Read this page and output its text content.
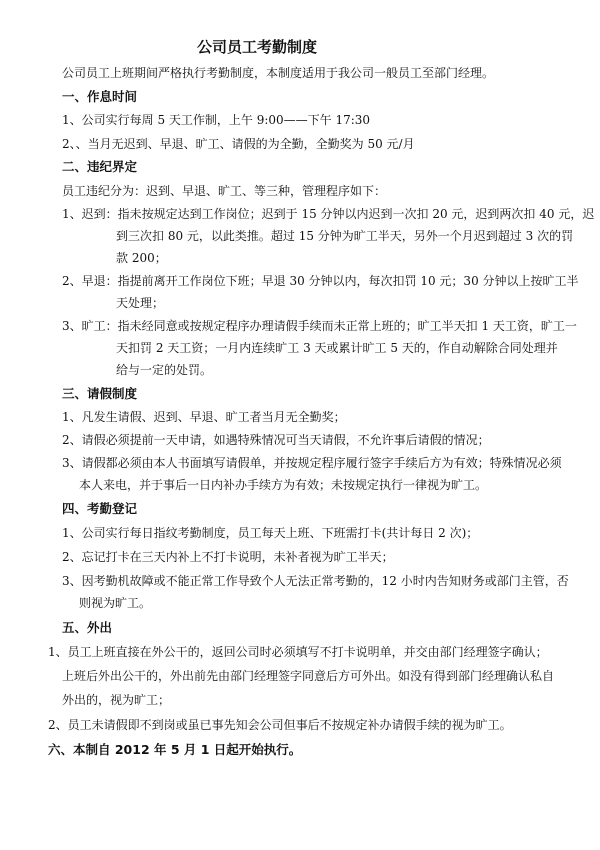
公司员工考勤制度
公司员工上班期间严格执行考勤制度，本制度适用于我公司一般员工至部门经理。
一、作息时间
1、公司实行每周 5 天工作制，上午 9:00——下午 17:30
2、、当月无迟到、早退、旷工、请假的为全勤，全勤奖为 50 元/月
二、违纪界定
员工违纪分为：迟到、早退、旷工、等三种，管理程序如下：
1、迟到：指未按规定达到工作岗位；迟到于 15 分钟以内迟到一次扣 20 元，迟到两次扣 40 元，迟
到三次扣 80 元，以此类推。超过 15 分钟为旷工半天，另外一个月迟到超过 3 次的罚
款 200；
2、早退：指提前离开工作岗位下班；早退 30 分钟以内，每次扣罚 10 元；30 分钟以上按旷工半
天处理；
3、旷工：指未经同意或按规定程序办理请假手续而未正常上班的；旷工半天扣 1 天工资，旷工一
天扣罚 2 天工资；一月内连续旷工 3 天或累计旷工 5 天的，作自动解除合同处理并
给与一定的处罚。
三、请假制度
1、凡发生请假、迟到、早退、旷工者当月无全勤奖；
2、请假必须提前一天申请，如遇特殊情况可当天请假，不允许事后请假的情况；
3、请假都必须由本人书面填写请假单，并按规定程序履行签字手续后方为有效；特殊情况必须
本人来电，并于事后一日内补办手续方为有效；未按规定执行一律视为旷工。
四、考勤登记
1、公司实行每日指纹考勤制度，员工每天上班、下班需打卡(共计每日 2 次)；
2、忘记打卡在三天内补上不打卡说明，未补者视为旷工半天；
3、因考勤机故障或不能正常工作导致个人无法正常考勤的，12 小时内告知财务或部门主管，否
则视为旷工。
五、外出
1、员工上班直接在外公干的，返回公司时必须填写不打卡说明单，并交由部门经理签字确认；
上班后外出公干的，外出前先由部门经理签字同意后方可外出。如没有得到部门经理确认私自
外出的，视为旷工；
2、员工未请假即不到岗或虽已事先知会公司但事后不按规定补办请假手续的视为旷工。
六、本制自 2012 年 5 月 1 日起开始执行。
